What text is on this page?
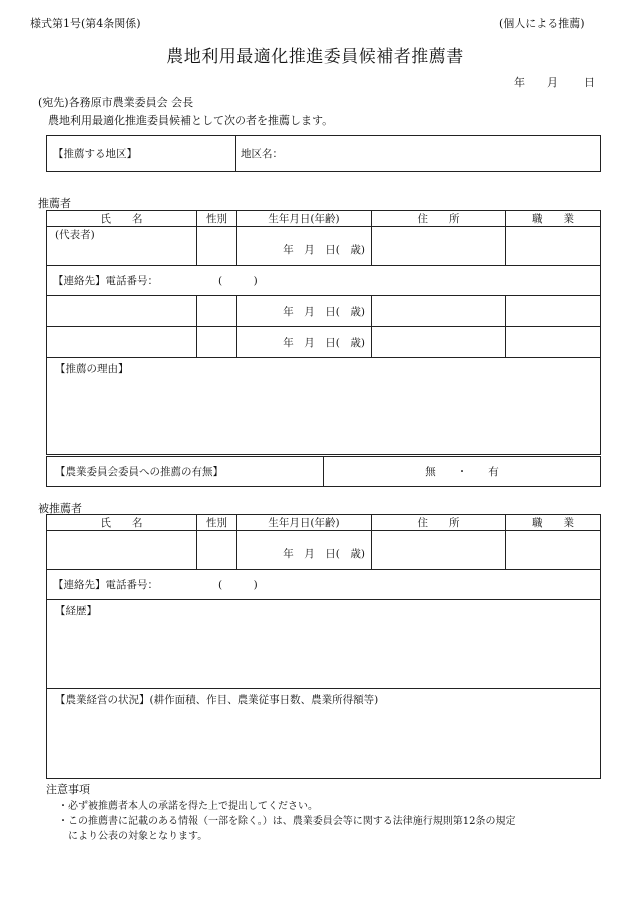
様式第1号(第4条関係)	(個人による推薦)
農地利用最適化推進委員候補者推薦書
年 月 日
(宛先)各務原市農業委員会 会長
農地利用最適化推進委員候補として次の者を推薦します。
【推薦する地区】	地区名：
推薦者
氏　　名	性別	生年月日(年齢)	住　　所	職　　業
(代表者)		年　月　日(　歳)		
【連絡先】電話番号： (　　　)				
		年　月　日(　歳)		
		年　月　日(　歳)		
【推薦の理由】				
【農業委員会委員への推薦の有無】	無　　・　　有
被推薦者
氏　　名	性別	生年月日(年齢)	住　　所	職　　業
		年　月　日(　歳)		
【連絡先】電話番号： (　　　)				
【経歴】				
【農業経営の状況】(耕作面積、作目、農業従事日数、農業所得額等)				
注意事項
・必ず被推薦者本人の承諾を得た上で提出してください。
・この推薦書に記載のある情報（一部を除く。）は、農業委員会等に関する法律施行規則第12条の規定
により公表の対象となります。
